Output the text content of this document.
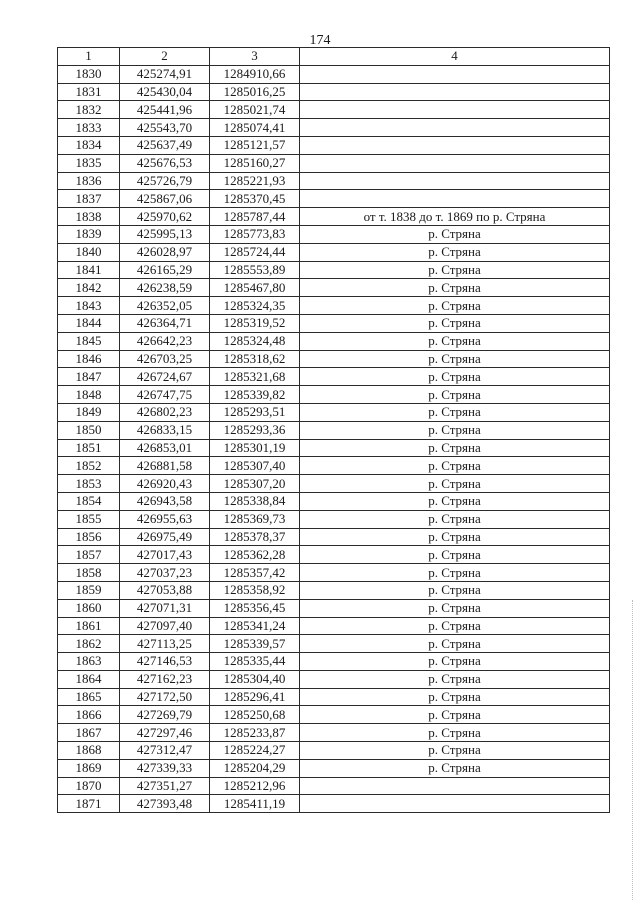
174
1	2	3	4
1830	425274,91	1284910,66	
1831	425430,04	1285016,25	
1832	425441,96	1285021,74	
1833	425543,70	1285074,41	
1834	425637,49	1285121,57	
1835	425676,53	1285160,27	
1836	425726,79	1285221,93	
1837	425867,06	1285370,45	
1838	425970,62	1285787,44	от т. 1838 до т. 1869 по р. Стряна
1839	425995,13	1285773,83	р. Стряна
1840	426028,97	1285724,44	р. Стряна
1841	426165,29	1285553,89	р. Стряна
1842	426238,59	1285467,80	р. Стряна
1843	426352,05	1285324,35	р. Стряна
1844	426364,71	1285319,52	р. Стряна
1845	426642,23	1285324,48	р. Стряна
1846	426703,25	1285318,62	р. Стряна
1847	426724,67	1285321,68	р. Стряна
1848	426747,75	1285339,82	р. Стряна
1849	426802,23	1285293,51	р. Стряна
1850	426833,15	1285293,36	р. Стряна
1851	426853,01	1285301,19	р. Стряна
1852	426881,58	1285307,40	р. Стряна
1853	426920,43	1285307,20	р. Стряна
1854	426943,58	1285338,84	р. Стряна
1855	426955,63	1285369,73	р. Стряна
1856	426975,49	1285378,37	р. Стряна
1857	427017,43	1285362,28	р. Стряна
1858	427037,23	1285357,42	р. Стряна
1859	427053,88	1285358,92	р. Стряна
1860	427071,31	1285356,45	р. Стряна
1861	427097,40	1285341,24	р. Стряна
1862	427113,25	1285339,57	р. Стряна
1863	427146,53	1285335,44	р. Стряна
1864	427162,23	1285304,40	р. Стряна
1865	427172,50	1285296,41	р. Стряна
1866	427269,79	1285250,68	р. Стряна
1867	427297,46	1285233,87	р. Стряна
1868	427312,47	1285224,27	р. Стряна
1869	427339,33	1285204,29	р. Стряна
1870	427351,27	1285212,96	
1871	427393,48	1285411,19	
